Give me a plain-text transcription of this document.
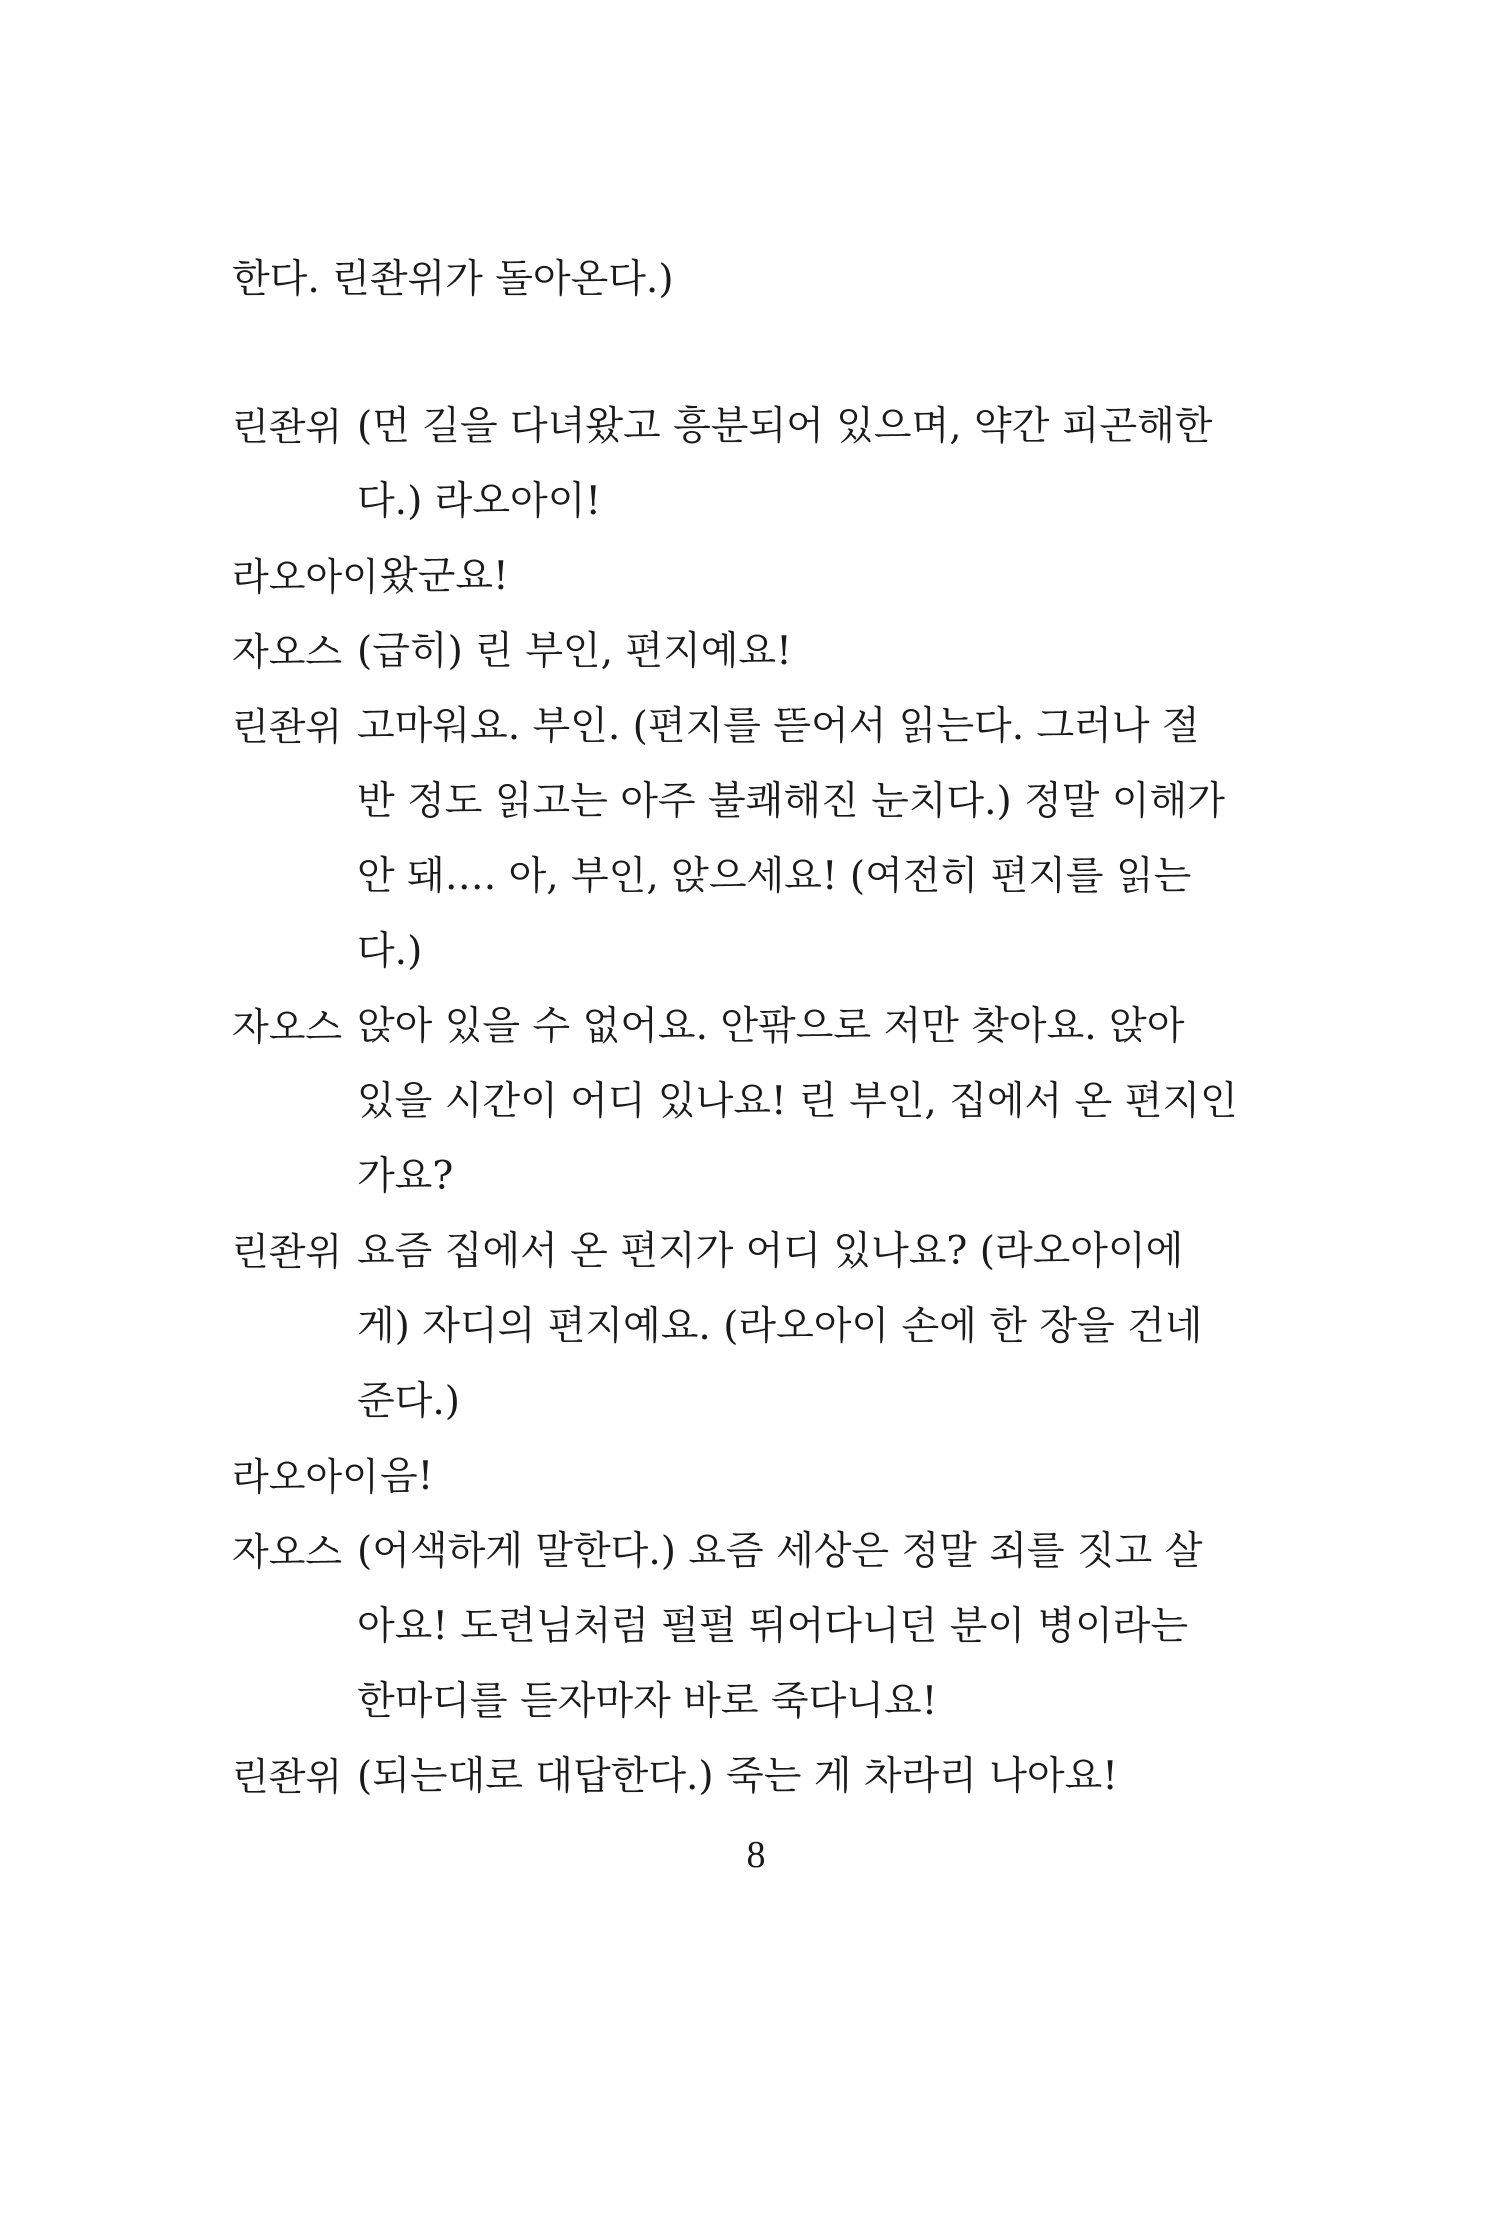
한다. 린좐위가 돌아온다.)
린좐위 (먼 길을 다녀왔고 흥분되어 있으며, 약간 피곤해한
다.) 라오아이!
라오아이 왔군요!
자오스 (급히) 린 부인, 편지예요!
린좐위 고마워요. 부인. (편지를 뜯어서 읽는다. 그러나 절
반 정도 읽고는 아주 불쾌해진 눈치다.) 정말 이해가
안 돼…. 아, 부인, 앉으세요! (여전히 편지를 읽는
다.)
자오스 앉아 있을 수 없어요. 안팎으로 저만 찾아요. 앉아
있을 시간이 어디 있나요! 린 부인, 집에서 온 편지인
가요?
린좐위 요즘 집에서 온 편지가 어디 있나요? (라오아이에
게) 자디의 편지예요. (라오아이 손에 한 장을 건네
준다.)
라오아이 음!
자오스 (어색하게 말한다.) 요즘 세상은 정말 죄를 짓고 살
아요! 도련님처럼 펄펄 뛰어다니던 분이 병이라는
한마디를 듣자마자 바로 죽다니요!
린좐위 (되는대로 대답한다.) 죽는 게 차라리 나아요!
8
